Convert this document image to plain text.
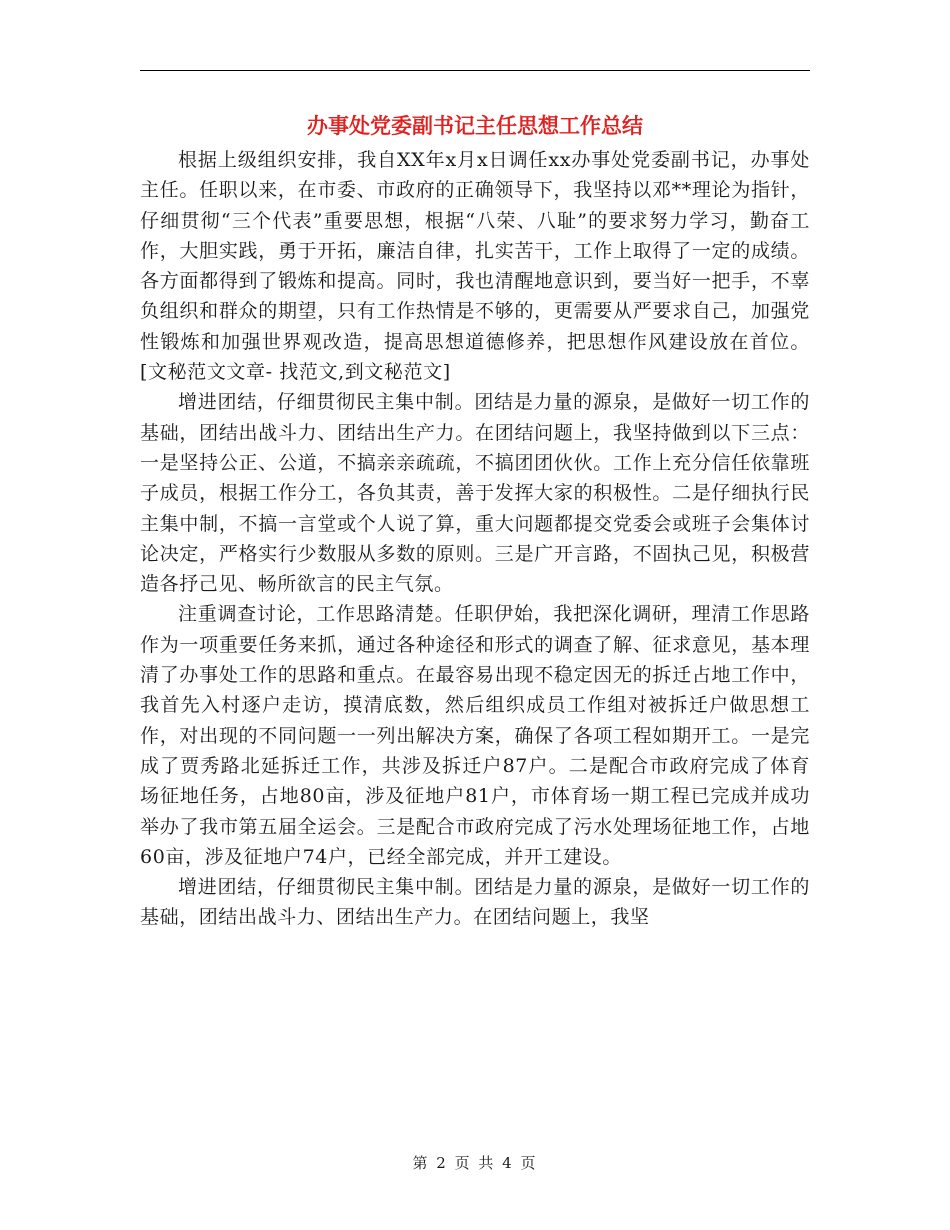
办事处党委副书记主任思想工作总结

根据上级组织安排，我自XX年x月x日调任xx办事处党委副书记，办事处主任。任职以来，在市委、市政府的正确领导下，我坚持以邓**理论为指针，仔细贯彻“三个代表”重要思想，根据“八荣、八耻”的要求努力学习，勤奋工作，大胆实践，勇于开拓，廉洁自律，扎实苦干，工作上取得了一定的成绩。各方面都得到了锻炼和提高。同时，我也清醒地意识到，要当好一把手，不辜负组织和群众的期望，只有工作热情是不够的，更需要从严要求自己，加强党性锻炼和加强世界观改造，提高思想道德修养，把思想作风建设放在首位。[文秘范文文章- 找范文,到文秘范文]

增进团结，仔细贯彻民主集中制。团结是力量的源泉，是做好一切工作的基础，团结出战斗力、团结出生产力。在团结问题上，我坚持做到以下三点：一是坚持公正、公道，不搞亲亲疏疏，不搞团团伙伙。工作上充分信任依靠班子成员，根据工作分工，各负其责，善于发挥大家的积极性。二是仔细执行民主集中制，不搞一言堂或个人说了算，重大问题都提交党委会或班子会集体讨论决定，严格实行少数服从多数的原则。三是广开言路，不固执己见，积极营造各抒己见、畅所欲言的民主气氛。

注重调查讨论，工作思路清楚。任职伊始，我把深化调研，理清工作思路作为一项重要任务来抓，通过各种途径和形式的调查了解、征求意见，基本理清了办事处工作的思路和重点。在最容易出现不稳定因无的拆迁占地工作中，我首先入村逐户走访，摸清底数，然后组织成员工作组对被拆迁户做思想工作，对出现的不同问题一一列出解决方案，确保了各项工程如期开工。一是完成了贾秀路北延拆迁工作，共涉及拆迁户87户。二是配合市政府完成了体育场征地任务，占地80亩，涉及征地户81户，市体育场一期工程已完成并成功举办了我市第五届全运会。三是配合市政府完成了污水处理场征地工作，占地60亩，涉及征地户74户，已经全部完成，并开工建设。

增进团结，仔细贯彻民主集中制。团结是力量的源泉，是做好一切工作的基础，团结出战斗力、团结出生产力。在团结问题上，我坚

第 2 页 共 4 页
